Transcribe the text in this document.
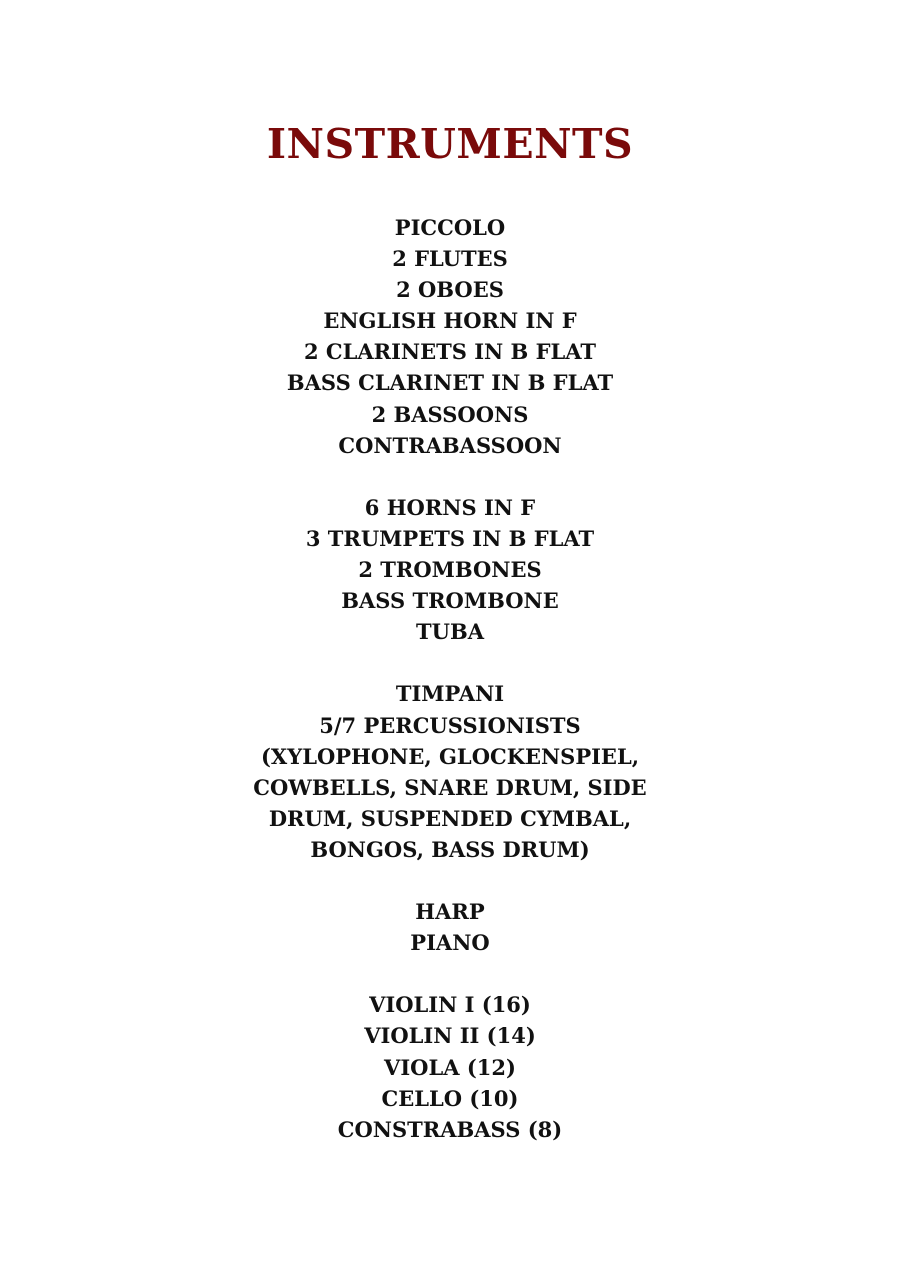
INSTRUMENTS
PICCOLO
2 FLUTES
2 OBOES
ENGLISH HORN IN F
2 CLARINETS IN B FLAT
BASS CLARINET IN B FLAT
2 BASSOONS
CONTRABASSOON
6 HORNS IN F
3 TRUMPETS IN B FLAT
2 TROMBONES
BASS TROMBONE
TUBA
TIMPANI
5/7 PERCUSSIONISTS
(XYLOPHONE, GLOCKENSPIEL,
COWBELLS, SNARE DRUM, SIDE
DRUM, SUSPENDED CYMBAL,
BONGOS, BASS DRUM)
HARP
PIANO
VIOLIN I (16)
VIOLIN II (14)
VIOLA (12)
CELLO (10)
CONSTRABASS (8)
